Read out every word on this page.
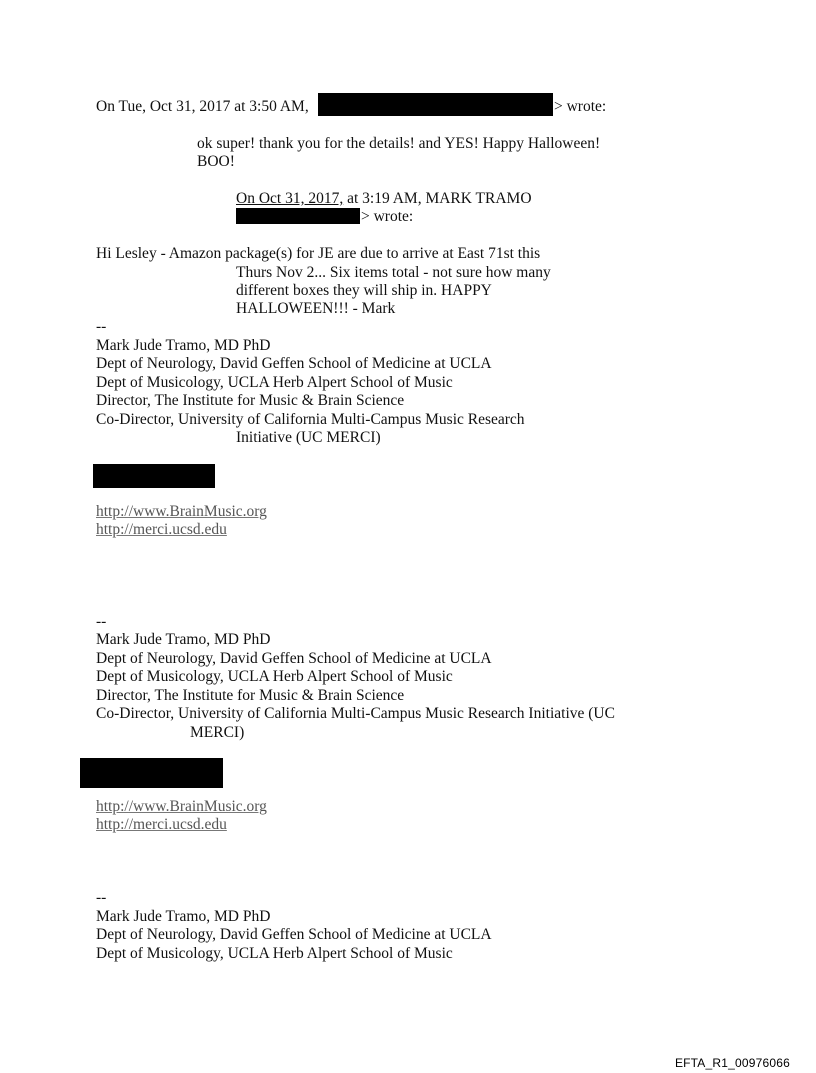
On Tue, Oct 31, 2017 at 3:50 AM,	> wrote:
ok super! thank you for the details! and YES! Happy Halloween!
BOO!
On Oct 31, 2017, at 3:19 AM, MARK TRAMO
> wrote:
Hi Lesley - Amazon package(s) for JE are due to arrive at East 71st this
Thurs Nov 2... Six items total - not sure how many
different boxes they will ship in. HAPPY
HALLOWEEN!!! - Mark
--
Mark Jude Tramo, MD PhD
Dept of Neurology, David Geffen School of Medicine at UCLA
Dept of Musicology, UCLA Herb Alpert School of Music
Director, The Institute for Music & Brain Science
Co-Director, University of California Multi-Campus Music Research
Initiative (UC MERCI)
http://www.BrainMusic.org
http://merci.ucsd.edu
--
Mark Jude Tramo, MD PhD
Dept of Neurology, David Geffen School of Medicine at UCLA
Dept of Musicology, UCLA Herb Alpert School of Music
Director, The Institute for Music & Brain Science
Co-Director, University of California Multi-Campus Music Research Initiative (UC
MERCI)
http://www.BrainMusic.org
http://merci.ucsd.edu
--
Mark Jude Tramo, MD PhD
Dept of Neurology, David Geffen School of Medicine at UCLA
Dept of Musicology, UCLA Herb Alpert School of Music
EFTA_R1_00976066
